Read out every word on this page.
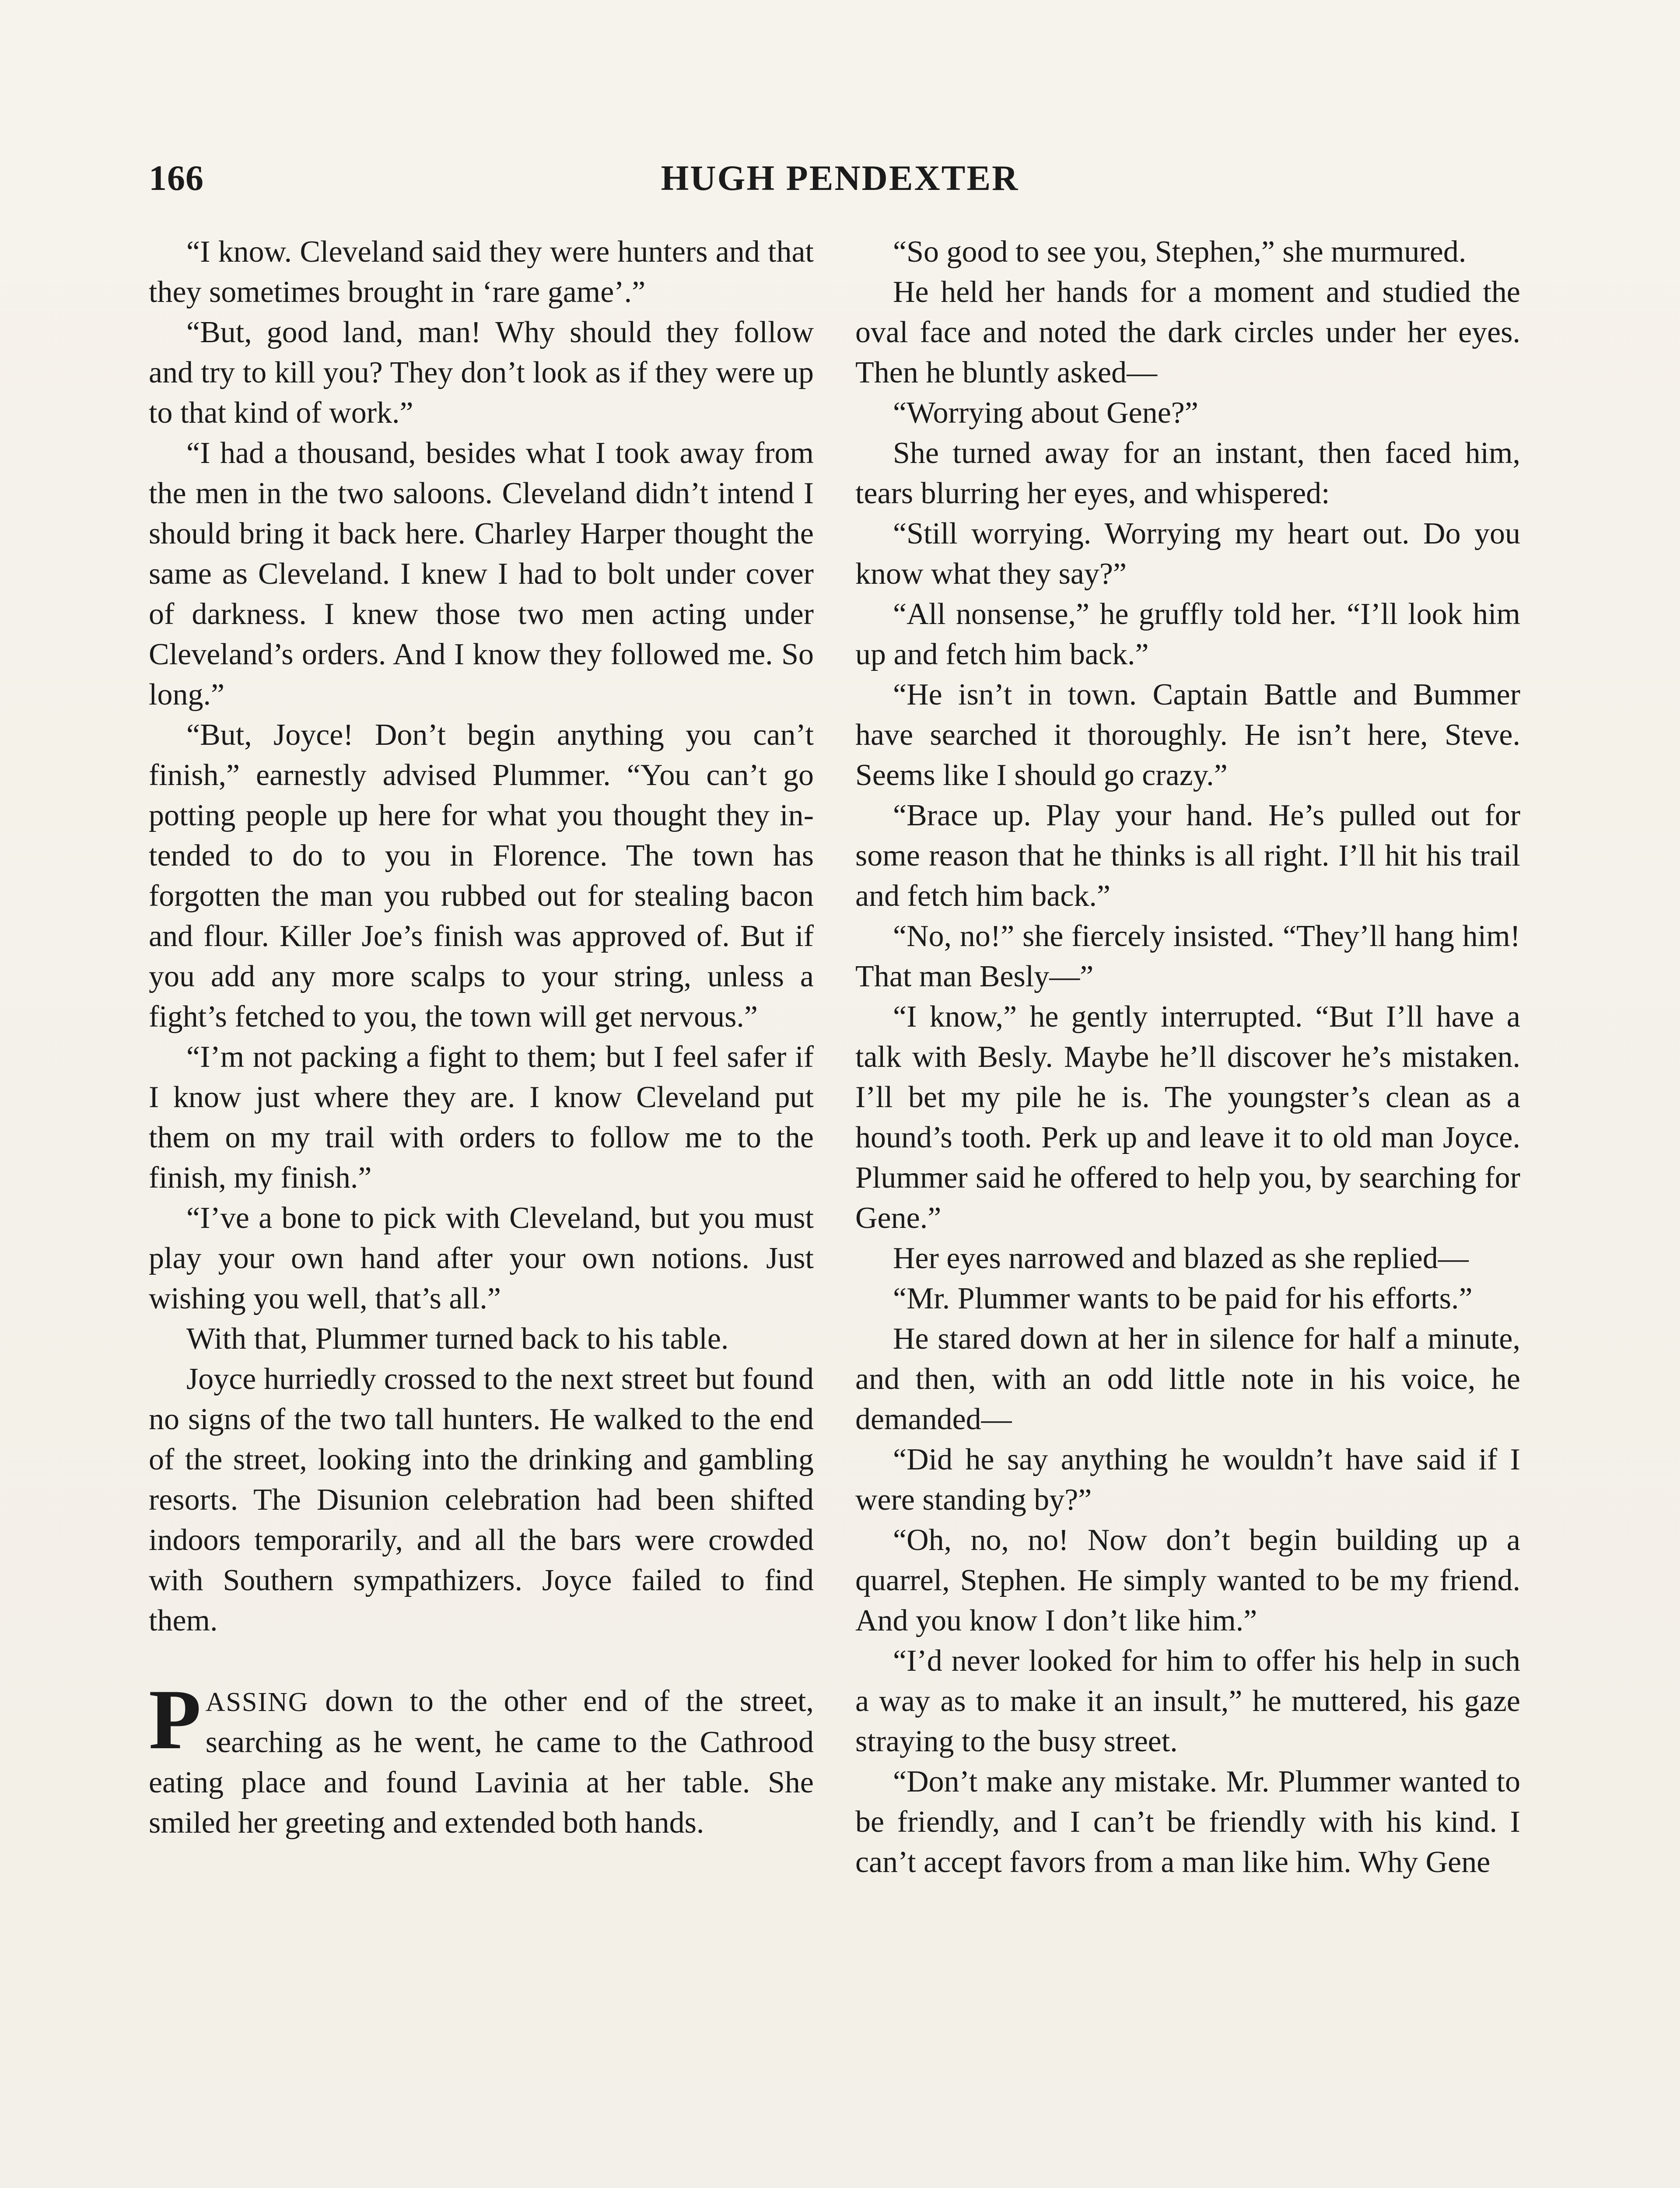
166	HUGH PENDEXTER

“I know. Cleveland said they were hunters and that they sometimes brought in ‘rare game’.”

“But, good land, man! Why should they follow and try to kill you? They don’t look as if they were up to that kind of work.”

“I had a thousand, besides what I took away from the men in the two saloons. Cleveland didn’t intend I should bring it back here. Charley Harper thought the same as Cleveland. I knew I had to bolt under cover of darkness. I knew those two men acting under Cleveland’s orders. And I know they followed me. So long.”

“But, Joyce! Don’t begin anything you can’t finish,” earnestly advised Plummer. “You can’t go potting people up here for what you thought they intended to do to you in Florence. The town has forgotten the man you rubbed out for stealing bacon and flour. Killer Joe’s finish was approved of. But if you add any more scalps to your string, unless a fight’s fetched to you, the town will get nervous.”

“I’m not packing a fight to them; but I feel safer if I know just where they are. I know Cleveland put them on my trail with orders to follow me to the finish, my finish.”

“I’ve a bone to pick with Cleveland, but you must play your own hand after your own notions. Just wishing you well, that’s all.”

With that, Plummer turned back to his table.

Joyce hurriedly crossed to the next street but found no signs of the two tall hunters. He walked to the end of the street, looking into the drinking and gambling resorts. The Disunion celebration had been shifted indoors temporarily, and all the bars were crowded with Southern sympathizers. Joyce failed to find them.

PASSING down to the other end of the street, searching as he went, he came to the Cathrood eating place and found Lavinia at her table. She smiled her greeting and extended both hands.

“So good to see you, Stephen,” she murmured.

He held her hands for a moment and studied the oval face and noted the dark circles under her eyes. Then he bluntly asked—

“Worrying about Gene?”

She turned away for an instant, then faced him, tears blurring her eyes, and whispered:

“Still worrying. Worrying my heart out. Do you know what they say?”

“All nonsense,” he gruffly told her. “I’ll look him up and fetch him back.”

“He isn’t in town. Captain Battle and Bummer have searched it thoroughly. He isn’t here, Steve. Seems like I should go crazy.”

“Brace up. Play your hand. He’s pulled out for some reason that he thinks is all right. I’ll hit his trail and fetch him back.”

“No, no!” she fiercely insisted. “They’ll hang him! That man Besly—”

“I know,” he gently interrupted. “But I’ll have a talk with Besly. Maybe he’ll discover he’s mistaken. I’ll bet my pile he is. The youngster’s clean as a hound’s tooth. Perk up and leave it to old man Joyce. Plummer said he offered to help you, by searching for Gene.”

Her eyes narrowed and blazed as she replied—

“Mr. Plummer wants to be paid for his efforts.”

He stared down at her in silence for half a minute, and then, with an odd little note in his voice, he demanded—

“Did he say anything he wouldn’t have said if I were standing by?”

“Oh, no, no! Now don’t begin building up a quarrel, Stephen. He simply wanted to be my friend. And you know I don’t like him.”

“I’d never looked for him to offer his help in such a way as to make it an insult,” he muttered, his gaze straying to the busy street.

“Don’t make any mistake. Mr. Plummer wanted to be friendly, and I can’t be friendly with his kind. I can’t accept favors from a man like him. Why Gene
